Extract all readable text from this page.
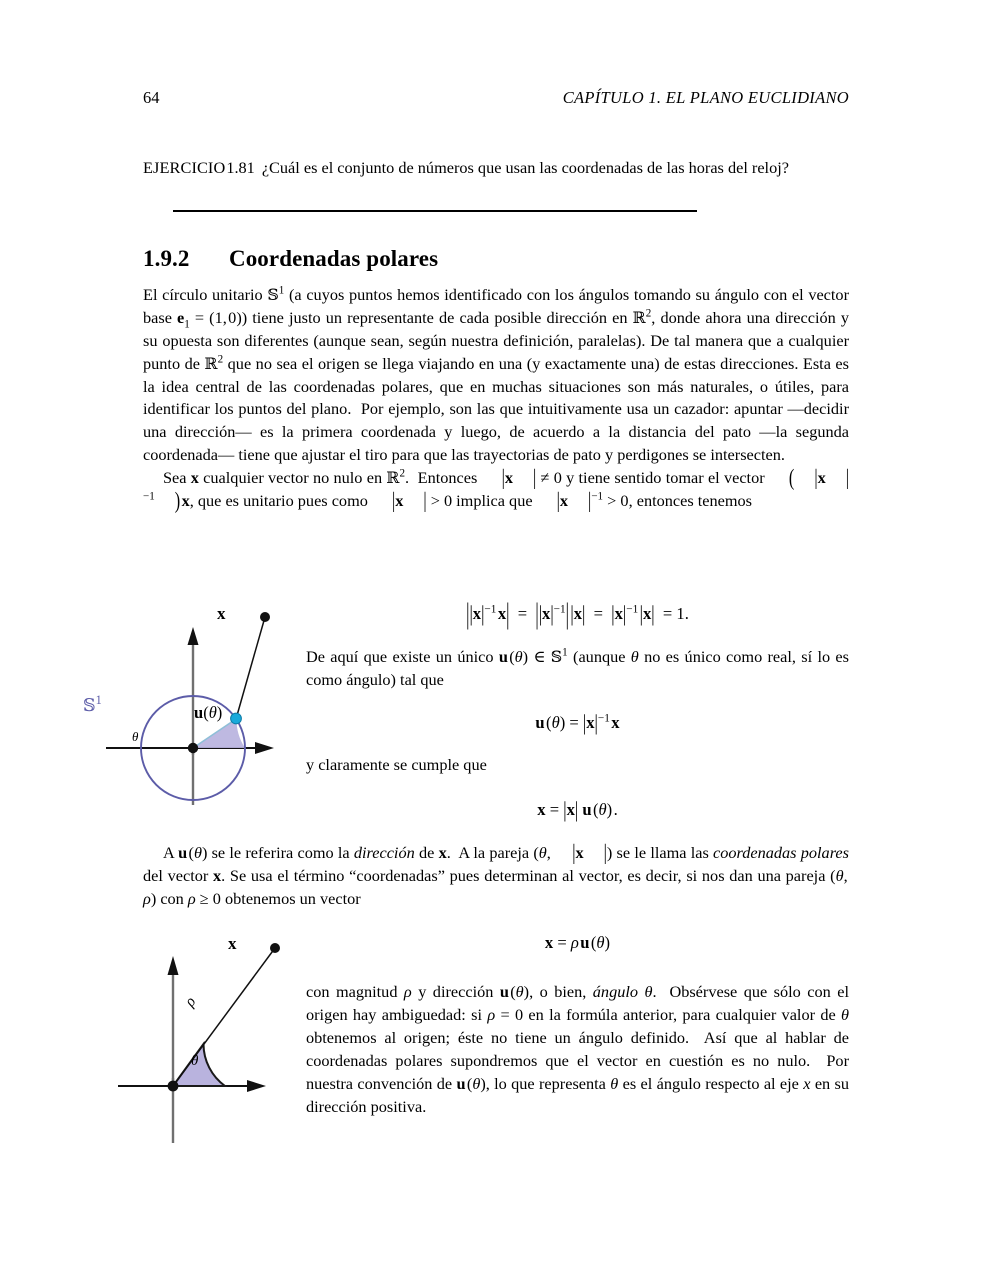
64	CAPÍTULO 1. EL PLANO EUCLIDIANO
EJERCICIO1.81 ¿Cuál es el conjunto de números que usan las coordenadas de las horas del reloj?
1.9.2 Coordenadas polares

El círculo unitario 𝕊$^1$ (a cuyos puntos hemos identificado con los ángulos tomando su ángulo con el vector base $e_1 = (1$, 0)) tiene justo un representante de cada posible dirección en ℝ$^2$, donde ahora una dirección y su opuesta son diferentes (aunque sean, según nuestra definición, paralelas). De tal manera que a cualquier punto de ℝ$^2$ que no sea el origen se llega viajando en una (y exactamente una) de estas direcciones. Esta es la idea central de las coordenadas polares, que en muchas situaciones son más naturales, o útiles, para identificar los puntos del plano.  Por ejemplo, son las que intuitivamente usa un cazador: apuntar —decidir una dirección— es la primera coordenada y luego, de acuerdo a la distancia del pato —la segunda coordenada— tiene que ajustar el tiro para que las trayectorias de pato y perdigones se intersecten.

Sea x cualquier vector no nulo en ℝ$^2$.  Entonces |x | ≠ 0 y tiene sentido tomar el vector ( |x $|^{-1}$ ) x, que es unitario pues como |x | > 0 implica que |x $|^{-1} > 0$, entonces tenemos

x
u(θ)
𝕊$^1$
θ
$||x|^{-1}$ $x| = ||x|^{-1}|$ $|x| = |x|^{-1}$ |x|  = 1.

De aquí que existe un único u (θ) ∈ 𝕊$^1$ (aunque θ no es único como real, sí lo es como ángulo) tal que

u $(\theta) = |x|^{-1}$ x

y claramente se cumple que

x = |x| u (θ) .

A u (θ) se le referira como la dirección de x.  A la pareja (θ, |x |) se le llama las coordenadas polares del vector x. Se usa el término “coordenadas” pues determinan al vector, es decir, si nos dan una pareja (θ, ρ) con ρ ≥ 0 obtenemos un vector

x
ρ
θ
x = ρ u (θ)

con magnitud ρ y dirección u (θ), o bien, ángulo θ.  Obsérvese que sólo con el origen hay ambiguedad: si ρ = 0 en la formúla anterior, para cualquier valor de θ obtenemos al origen; éste no tiene un ángulo definido.  Así que al hablar de coordenadas polares supondremos que el vector en cuestión es no nulo.  Por nuestra convención de u (θ), lo que representa θ es el ángulo respecto al eje x en su dirección positiva.
